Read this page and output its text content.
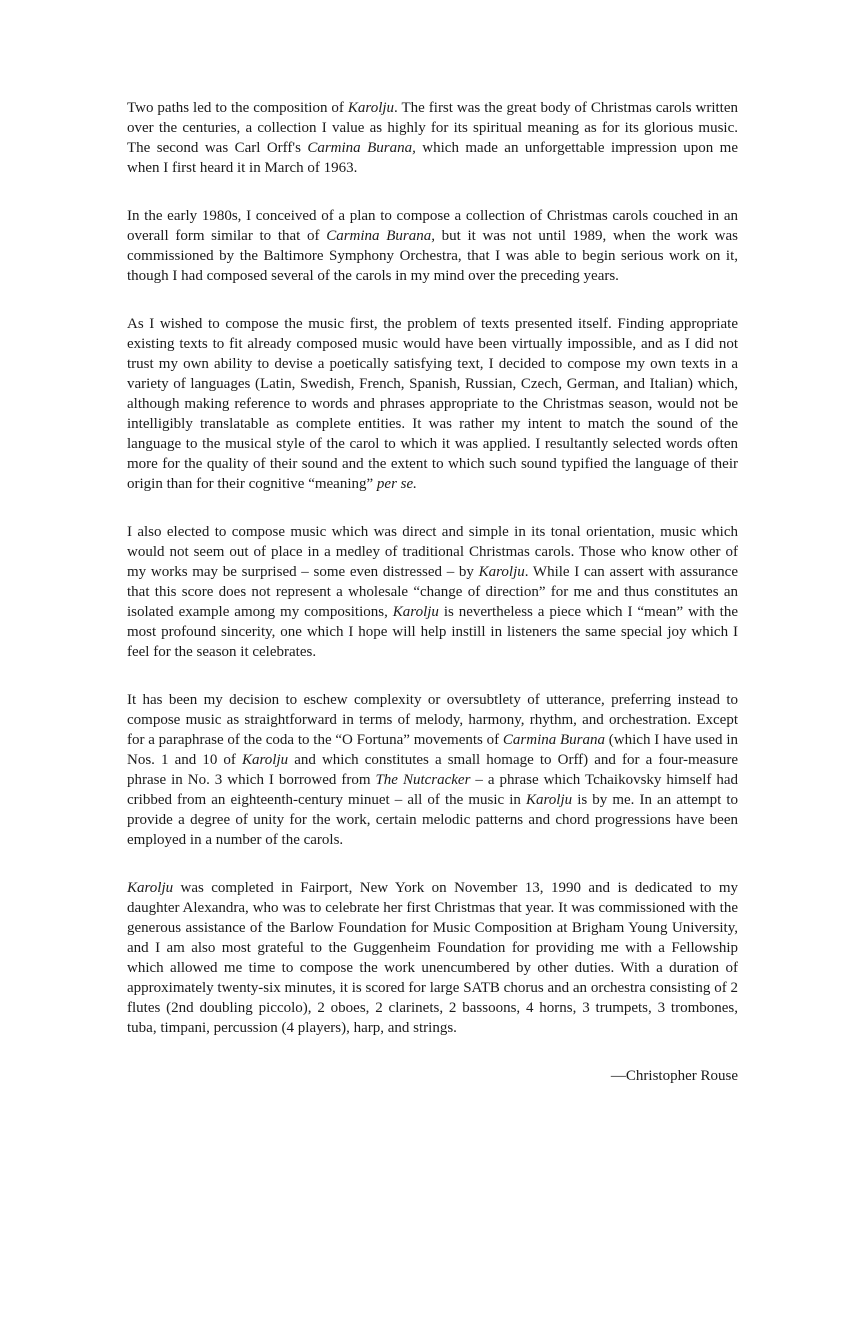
Two paths led to the composition of Karolju. The first was the great body of Christmas carols written over the centuries, a collection I value as highly for its spiritual meaning as for its glorious music. The second was Carl Orff's Carmina Burana, which made an unforgettable impression upon me when I first heard it in March of 1963.

In the early 1980s, I conceived of a plan to compose a collection of Christmas carols couched in an overall form similar to that of Carmina Burana, but it was not until 1989, when the work was commissioned by the Baltimore Symphony Orchestra, that I was able to begin serious work on it, though I had composed several of the carols in my mind over the preceding years.

As I wished to compose the music first, the problem of texts presented itself. Finding appropriate existing texts to fit already composed music would have been virtually impossible, and as I did not trust my own ability to devise a poetically satisfying text, I decided to compose my own texts in a variety of languages (Latin, Swedish, French, Spanish, Russian, Czech, German, and Italian) which, although making reference to words and phrases appropriate to the Christmas season, would not be intelligibly translatable as complete entities. It was rather my intent to match the sound of the language to the musical style of the carol to which it was applied. I resultantly selected words often more for the quality of their sound and the extent to which such sound typified the language of their origin than for their cognitive “meaning” per se.

I also elected to compose music which was direct and simple in its tonal orientation, music which would not seem out of place in a medley of traditional Christmas carols. Those who know other of my works may be surprised – some even distressed – by Karolju. While I can assert with assurance that this score does not represent a wholesale “change of direction” for me and thus constitutes an isolated example among my compositions, Karolju is nevertheless a piece which I “mean” with the most profound sincerity, one which I hope will help instill in listeners the same special joy which I feel for the season it celebrates.

It has been my decision to eschew complexity or oversubtlety of utterance, preferring instead to compose music as straightforward in terms of melody, harmony, rhythm, and orchestration. Except for a paraphrase of the coda to the “O Fortuna” movements of Carmina Burana (which I have used in Nos. 1 and 10 of Karolju and which constitutes a small homage to Orff) and for a four-measure phrase in No. 3 which I borrowed from The Nutcracker – a phrase which Tchaikovsky himself had cribbed from an eighteenth-century minuet – all of the music in Karolju is by me. In an attempt to provide a degree of unity for the work, certain melodic patterns and chord progressions have been employed in a number of the carols.

Karolju was completed in Fairport, New York on November 13, 1990 and is dedicated to my daughter Alexandra, who was to celebrate her first Christmas that year. It was commissioned with the generous assistance of the Barlow Foundation for Music Composition at Brigham Young University, and I am also most grateful to the Guggenheim Foundation for providing me with a Fellowship which allowed me time to compose the work unencumbered by other duties. With a duration of approximately twenty-six minutes, it is scored for large SATB chorus and an orchestra consisting of 2 flutes (2nd doubling piccolo), 2 oboes, 2 clarinets, 2 bassoons, 4 horns, 3 trumpets, 3 trombones, tuba, timpani, percussion (4 players), harp, and strings.

—Christopher Rouse
